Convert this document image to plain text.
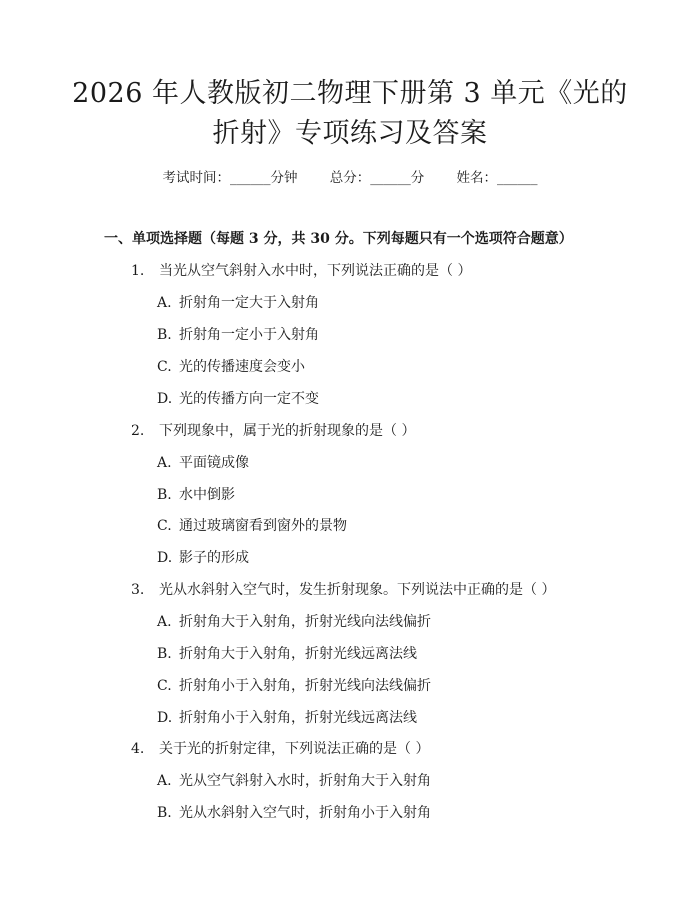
2026 年人教版初二物理下册第 3 单元《光的
折射》专项练习及答案
考试时间：______分钟 总分：______分 姓名：______
一、单项选择题（每题 3 分，共 30 分。下列每题只有一个选项符合题意）
1. 当光从空气斜射入水中时，下列说法正确的是（ ）
A. 折射角一定大于入射角
B. 折射角一定小于入射角
C. 光的传播速度会变小
D. 光的传播方向一定不变
2. 下列现象中，属于光的折射现象的是（ ）
A. 平面镜成像
B. 水中倒影
C. 通过玻璃窗看到窗外的景物
D. 影子的形成
3. 光从水斜射入空气时，发生折射现象。下列说法中正确的是（ ）
A. 折射角大于入射角，折射光线向法线偏折
B. 折射角大于入射角，折射光线远离法线
C. 折射角小于入射角，折射光线向法线偏折
D. 折射角小于入射角，折射光线远离法线
4. 关于光的折射定律，下列说法正确的是（ ）
A. 光从空气斜射入水时，折射角大于入射角
B. 光从水斜射入空气时，折射角小于入射角
